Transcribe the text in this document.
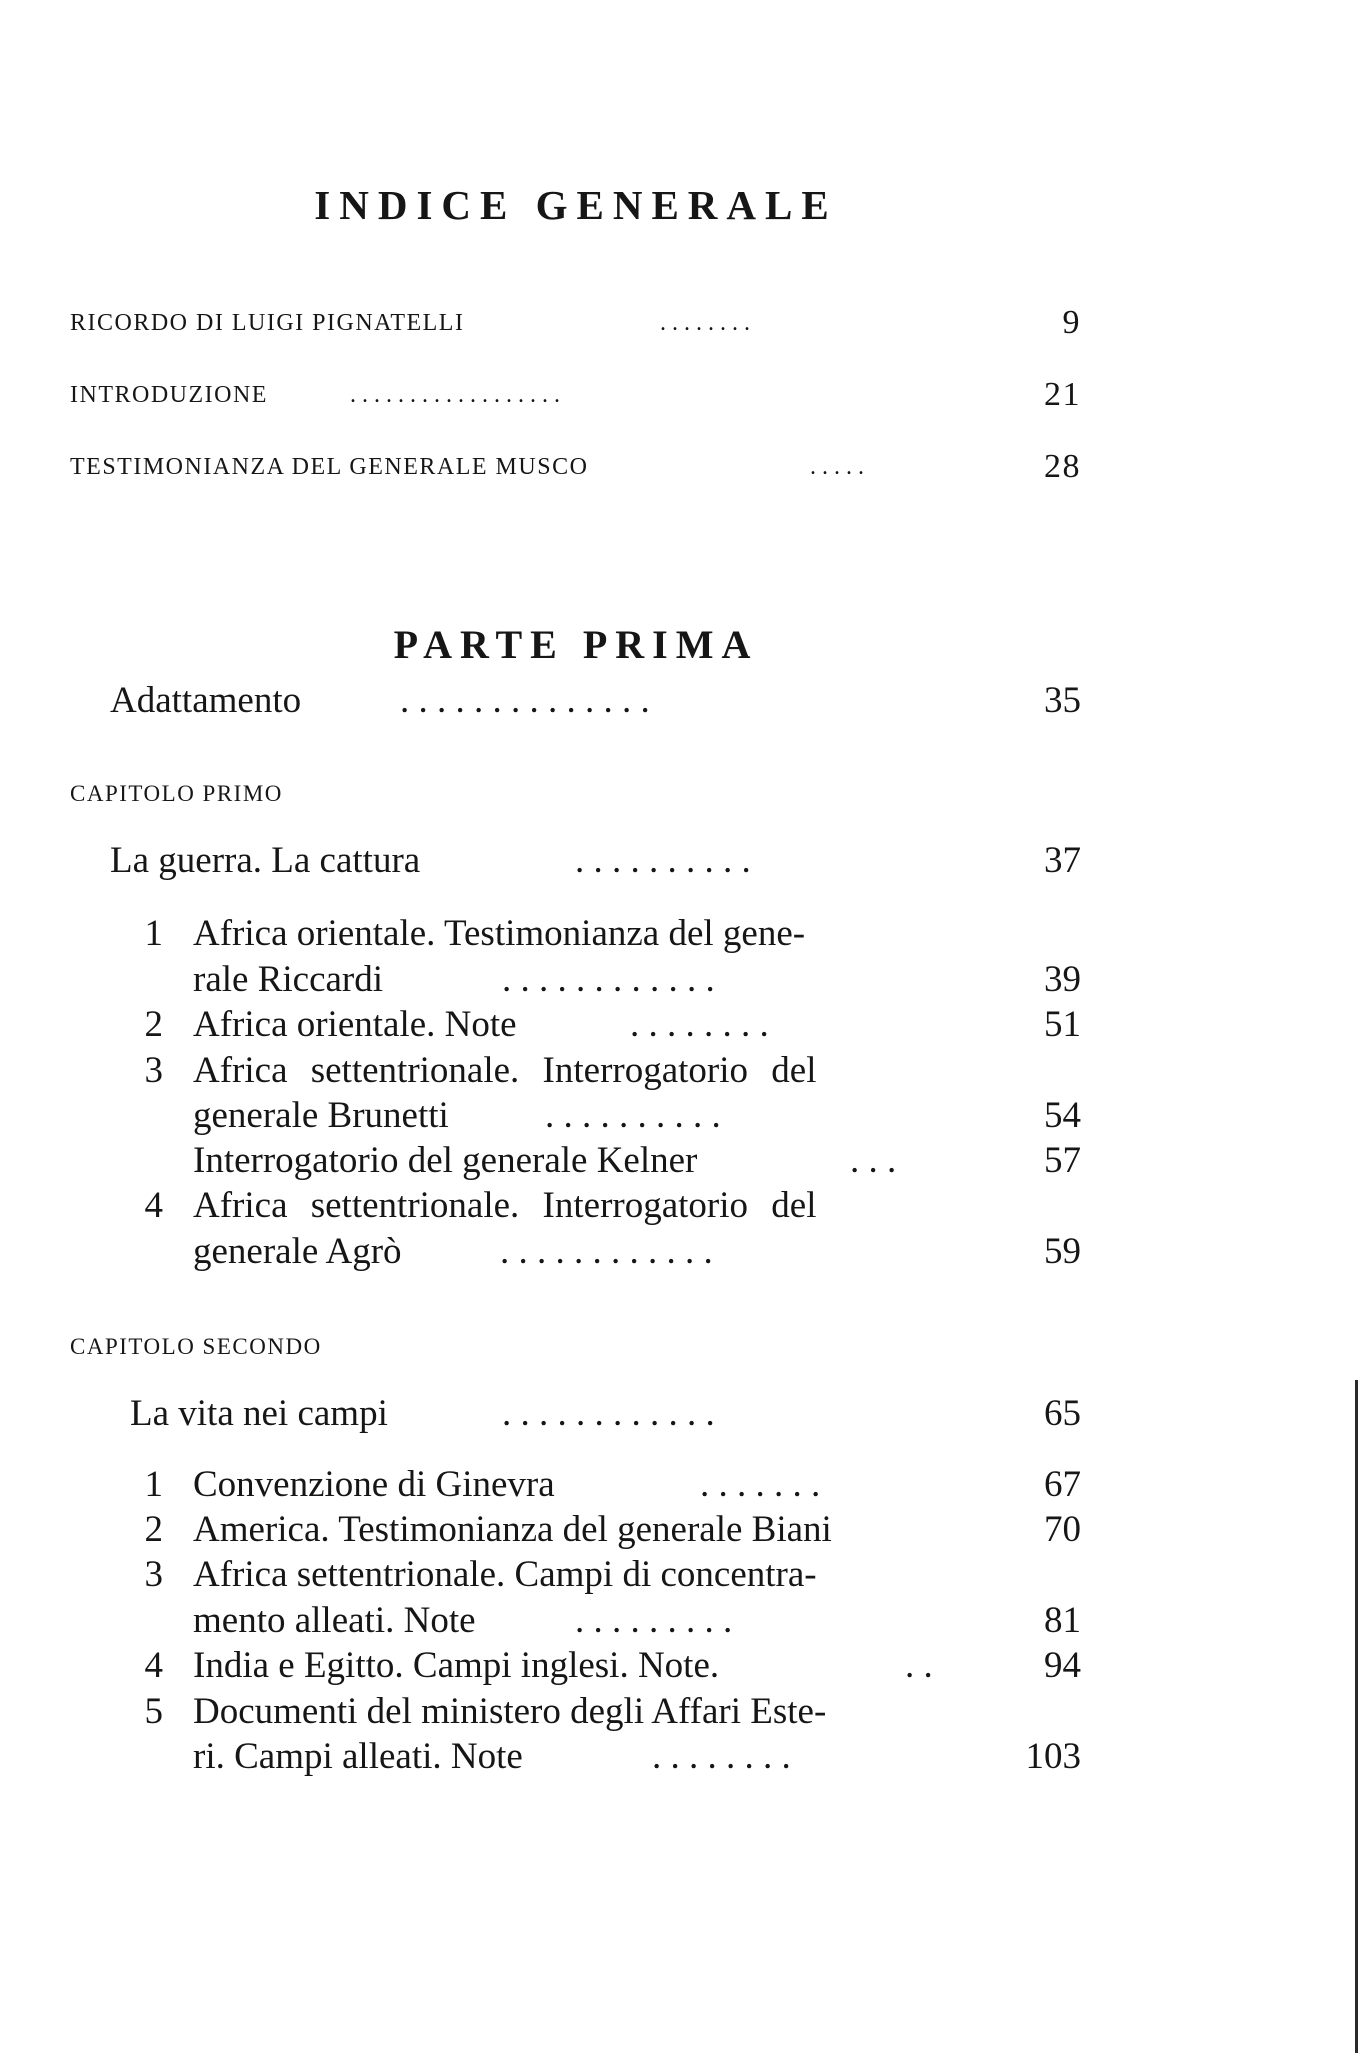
INDICE GENERALE
RICORDO DI LUIGI PIGNATELLI	. . . . . . . .	9
INTRODUZIONE	. . . . . . . . . . . . . . . . . .	21
TESTIMONIANZA DEL GENERALE MUSCO	. . . . .	28
PARTE PRIMA
Adattamento	. . . . . . . . . . . . . .	35
CAPITOLO PRIMO
La guerra. La cattura	. . . . . . . . . .	37
1 Africa orientale. Testimonianza del gene-
rale Riccardi	. . . . . . . . . . . .	39
2 Africa orientale. Note	. . . . . . . .	51
3 Africa settentrionale. Interrogatorio del
generale Brunetti	. . . . . . . . . .	54
Interrogatorio del generale Kelner	. . .	57
4 Africa settentrionale. Interrogatorio del
generale Agrò	. . . . . . . . . . . .	59
CAPITOLO SECONDO
La vita nei campi	. . . . . . . . . . . .	65
1 Convenzione di Ginevra	. . . . . . .	67
2 America. Testimonianza del generale Biani	70
3 Africa settentrionale. Campi di concentra-
mento alleati. Note	. . . . . . . . .	81
4 India e Egitto. Campi inglesi. Note.	. .	94
5 Documenti del ministero degli Affari Este-
ri. Campi alleati. Note	. . . . . . . .	103
